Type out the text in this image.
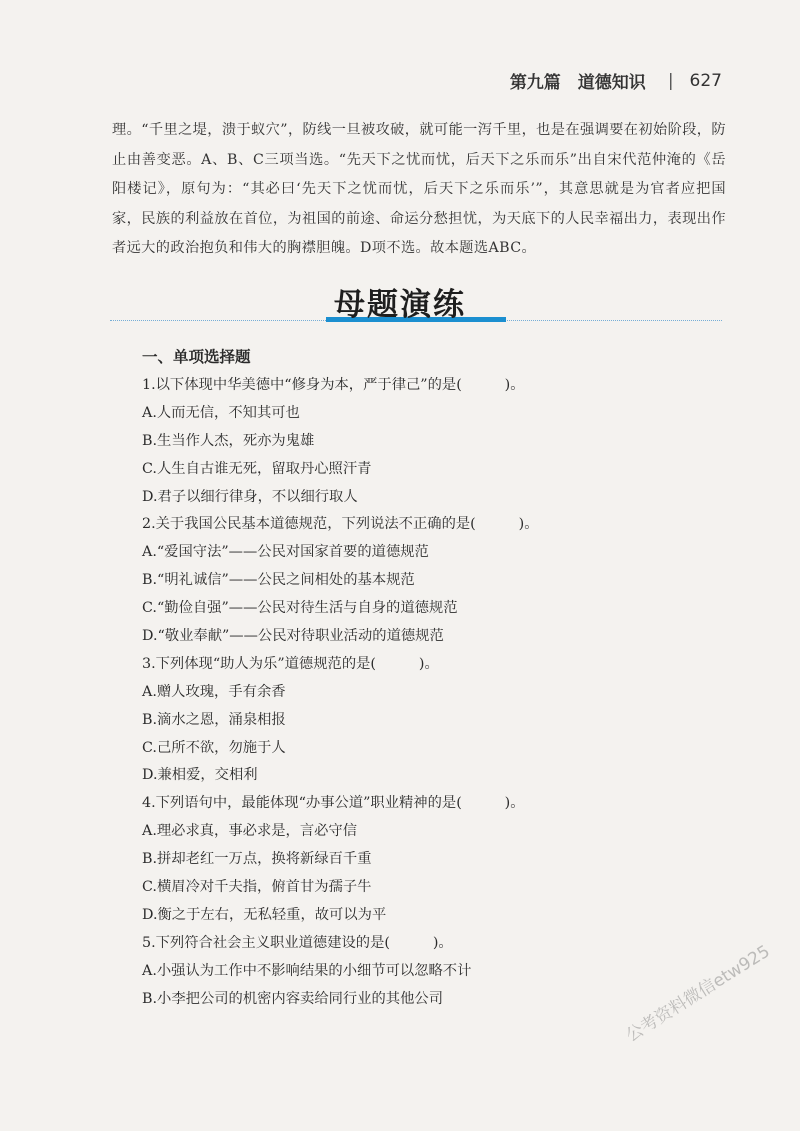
第九篇　道德知识 | 627

理。“千里之堤，溃于蚁穴”，防线一旦被攻破，就可能一泻千里，也是在强调要在初始阶段，防止由善变恶。A、B、C三项当选。“先天下之忧而忧，后天下之乐而乐”出自宋代范仲淹的《岳阳楼记》，原句为：“其必曰‘先天下之忧而忧，后天下之乐而乐’”，其意思就是为官者应把国家，民族的利益放在首位，为祖国的前途、命运分愁担忧，为天底下的人民幸福出力，表现出作者远大的政治抱负和伟大的胸襟胆魄。D项不选。故本题选ABC。

母题演练
一、单项选择题
1.以下体现中华美德中“修身为本，严于律己”的是(　　　)。
A.人而无信，不知其可也
B.生当作人杰，死亦为鬼雄
C.人生自古谁无死，留取丹心照汗青
D.君子以细行律身，不以细行取人
2.关于我国公民基本道德规范，下列说法不正确的是(　　　)。
A.“爱国守法”——公民对国家首要的道德规范
B.“明礼诚信”——公民之间相处的基本规范
C.“勤俭自强”——公民对待生活与自身的道德规范
D.“敬业奉献”——公民对待职业活动的道德规范
3.下列体现“助人为乐”道德规范的是(　　　)。
A.赠人玫瑰，手有余香
B.滴水之恩，涌泉相报
C.己所不欲，勿施于人
D.兼相爱，交相利
4.下列语句中，最能体现“办事公道”职业精神的是(　　　)。
A.理必求真，事必求是，言必守信
B.拼却老红一万点，换将新绿百千重
C.横眉冷对千夫指，俯首甘为孺子牛
D.衡之于左右，无私轻重，故可以为平
5.下列符合社会主义职业道德建设的是(　　　)。
A.小强认为工作中不影响结果的小细节可以忽略不计
B.小李把公司的机密内容卖给同行业的其他公司	公考资料微信etw925
